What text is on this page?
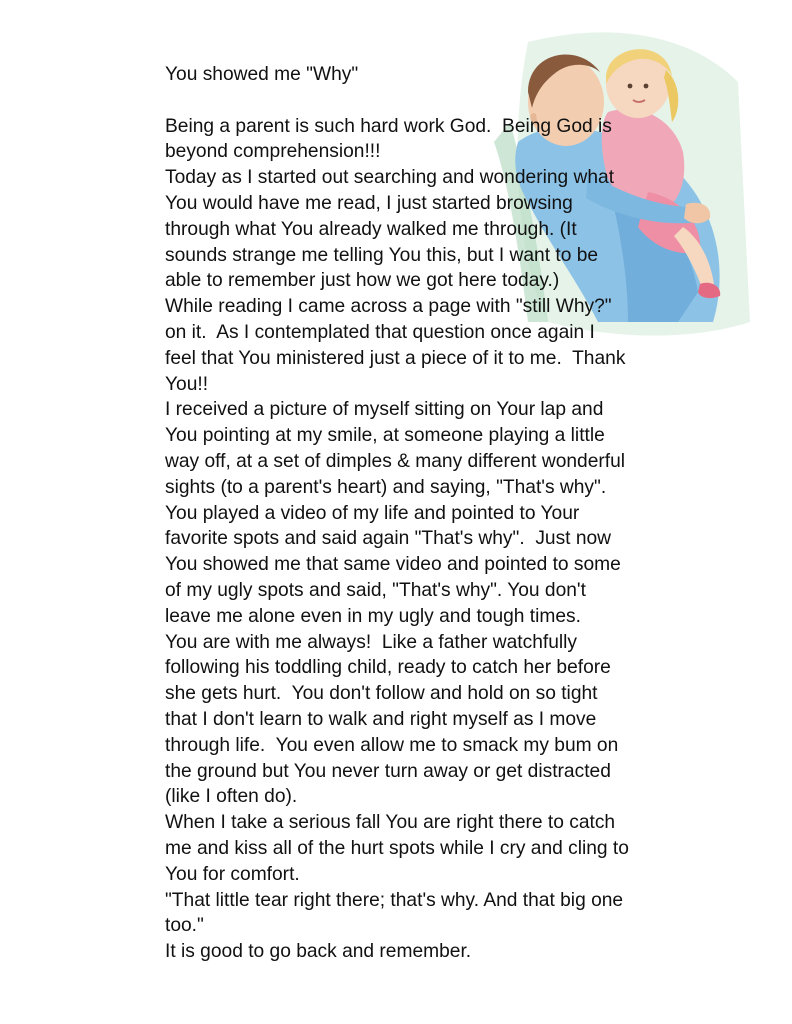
You showed me "Why"
Being a parent is such hard work God.  Being God is
beyond comprehension!!!
Today as I started out searching and wondering what
You would have me read, I just started browsing
through what You already walked me through. (It
sounds strange me telling You this, but I want to be
able to remember just how we got here today.)
While reading I came across a page with "still Why?"
on it.  As I contemplated that question once again I
feel that You ministered just a piece of it to me.  Thank
You!!
I received a picture of myself sitting on Your lap and
You pointing at my smile, at someone playing a little
way off, at a set of dimples & many different wonderful
sights (to a parent's heart) and saying, "That's why".
You played a video of my life and pointed to Your
favorite spots and said again "That's why".  Just now
You showed me that same video and pointed to some
of my ugly spots and said, "That's why". You don't
leave me alone even in my ugly and tough times.
You are with me always!  Like a father watchfully
following his toddling child, ready to catch her before
she gets hurt.  You don't follow and hold on so tight
that I don't learn to walk and right myself as I move
through life.  You even allow me to smack my bum on
the ground but You never turn away or get distracted
(like I often do).
When I take a serious fall You are right there to catch
me and kiss all of the hurt spots while I cry and cling to
You for comfort.
"That little tear right there; that's why. And that big one
too."
It is good to go back and remember.
